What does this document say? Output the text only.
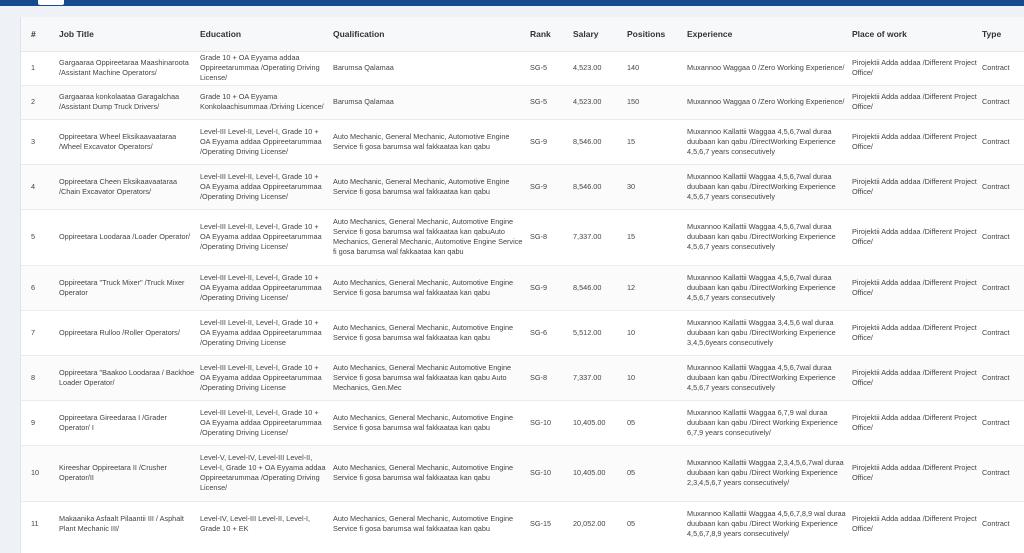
#	Job Title	Education	Qualification	Rank	Salary	Positions	Experience	Place of work	Type
1	Gargaaraa Oppireetaraa Maashinaroota /Assistant Machine Operators/	Grade 10 + OA Eyyama addaa Oppireetarummaa /Operating Driving License/	Barumsa Qalamaa	SG-5	4,523.00	140	Muxannoo Waggaa 0 /Zero Working Experience/	Pirojektii Adda addaa /Different Project Office/	Contract
2	Gargaaraa konkolaataa Garagalchaa /Assistant Dump Truck Drivers/	Grade 10 + OA Eyyama Konkolaachisummaa /Driving Licence/	Barumsa Qalamaa	SG-5	4,523.00	150	Muxannoo Waggaa 0 /Zero Working Experience/	Pirojektii Adda addaa /Different Project Office/	Contract
3	Oppireetara Wheel Eksikaavaataraa /Wheel Excavator Operators/	Level-III Level-II, Level-I, Grade 10 + OA Eyyama addaa Oppireetarummaa /Operating Driving License/	Auto Mechanic, General Mechanic, Automotive Engine Service fi gosa barumsa wal fakkaataa kan qabu	SG-9	8,546.00	15	Muxannoo Kallattii Waggaa 4,5,6,7wal duraa duubaan kan qabu /DirectWorking Experience 4,5,6,7 years consecutively	Pirojektii Adda addaa /Different Project Office/	Contract
4	Oppireetara Cheen Eksikaavaataraa /Chain Excavator Operators/	Level-III Level-II, Level-I, Grade 10 + OA Eyyama addaa Oppireetarummaa /Operating Driving License/	Auto Mechanic, General Mechanic, Automotive Engine Service fi gosa barumsa wal fakkaataa kan qabu	SG-9	8,546.00	30	Muxannoo Kallattii Waggaa 4,5,6,7wal duraa duubaan kan qabu /DirectWorking Experience 4,5,6,7 years consecutively	Pirojektii Adda addaa /Different Project Office/	Contract
5	Oppireetara Loodaraa /Loader Operator/	Level-III Level-II, Level-I, Grade 10 + OA Eyyama addaa Oppireetarummaa /Operating Driving License/	Auto Mechanics, General Mechanic, Automotive Engine Service fi gosa barumsa wal fakkaataa kan qabuAuto Mechanics, General Mechanic, Automotive Engine Service fi gosa barumsa wal fakkaataa kan qabu	SG-8	7,337.00	15	Muxannoo Kallattii Waggaa 4,5,6,7wal duraa duubaan kan qabu /DirectWorking Experience 4,5,6,7 years consecutively	Pirojektii Adda addaa /Different Project Office/	Contract
6	Oppireetara "Truck Mixer" /Truck Mixer Operator	Level-III Level-II, Level-I, Grade 10 + OA Eyyama addaa Oppireetarummaa /Operating Driving License/	Auto Mechanics, General Mechanic, Automotive Engine Service fi gosa barumsa wal fakkaataa kan qabu	SG-9	8,546.00	12	Muxannoo Kallattii Waggaa 4,5,6,7wal duraa duubaan kan qabu /DirectWorking Experience 4,5,6,7 years consecutively	Pirojektii Adda addaa /Different Project Office/	Contract
7	Oppireetara Rulloo /Roller Operators/	Level-III Level-II, Level-I, Grade 10 + OA Eyyama addaa Oppireetarummaa /Operating Driving License	Auto Mechanics, General Mechanic, Automotive Engine Service fi gosa barumsa wal fakkaataa kan qabu	SG-6	5,512.00	10	Muxannoo Kallattii Waggaa 3,4,5,6 wal duraa duubaan kan qabu /DirectWorking Experience 3,4,5,6years consecutively	Pirojektii Adda addaa /Different Project Office/	Contract
8	Oppireetara "Baakoo Loodaraa / Backhoe Loader Operator/	Level-III Level-II, Level-I, Grade 10 + OA Eyyama addaa Oppireetarummaa /Operating Driving License	Auto Mechanics, General Mechanic Automotive Engine Service fi gosa barumsa wal fakkaataa kan qabu Auto Mechanics, Gen.Mec	SG-8	7,337.00	10	Muxannoo Kallattii Waggaa 4,5,6,7wal duraa duubaan kan qabu /DirectWorking Experience 4,5,6,7 years consecutively	Pirojektii Adda addaa /Different Project Office/	Contract
9	Oppireetara Gireedaraa I /Grader Operator/ I	Level-III Level-II, Level-I, Grade 10 + OA Eyyama addaa Oppireetarummaa /Operating Driving License/	Auto Mechanics, General Mechanic, Automotive Engine Service fi gosa barumsa wal fakkaataa kan qabu	SG-10	10,405.00	05	Muxannoo Kallattii Waggaa 6,7,9 wal duraa duubaan kan qabu /Direct Working Experience 6,7,9 years consecutively/	Pirojektii Adda addaa /Different Project Office/	Contract
10	Kireeshar Oppireetara II /Crusher Operator/II	Level-V, Level-IV, Level-III Level-II, Level-I, Grade 10 + OA Eyyama addaa Oppireetarummaa /Operating Driving License/	Auto Mechanics, General Mechanic, Automotive Engine Service fi gosa barumsa wal fakkaataa kan qabu	SG-10	10,405.00	05	Muxannoo Kallattii Waggaa 2,3,4,5,6,7wal duraa duubaan kan qabu /Direct Working Experience 2,3,4,5,6,7 years consecutively/	Pirojektii Adda addaa /Different Project Office/	Contract
11	Makaanika Asfaalt Pilaantii III / Asphalt Plant Mechanic III/	Level-IV, Level-III Level-II, Level-I, Grade 10 + EK	Auto Mechanics, General Mechanic, Automotive Engine Service fi gosa barumsa wal fakkaataa kan qabu	SG-15	20,052.00	05	Muxannoo Kallattii Waggaa 4,5,6,7,8,9 wal duraa duubaan kan qabu /Direct Working Experience 4,5,6,7,8,9 years consecutively/	Pirojektii Adda addaa /Different Project Office/	Contract
